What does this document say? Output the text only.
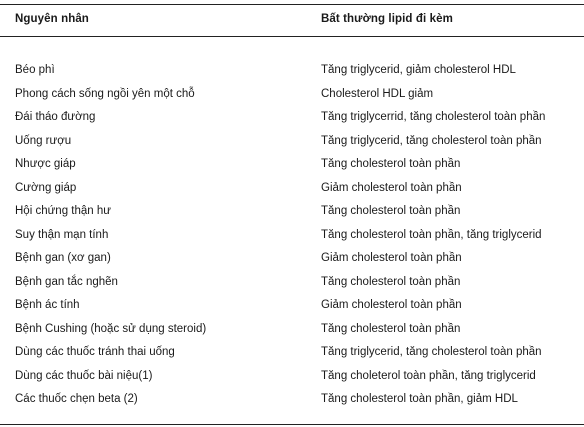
Nguyên nhân	Bất thường lipid đi kèm
Béo phì	Tăng triglycerid, giảm cholesterol HDL
Phong cách sống ngồi yên một chỗ	Cholesterol HDL giảm
Đái tháo đường	Tăng triglycerrid, tăng cholesterol toàn phần
Uống rượu	Tăng triglycerid, tăng cholesterol toàn phần
Nhược giáp	Tăng cholesterol toàn phần
Cường giáp	Giảm cholesterol toàn phần
Hội chứng thận hư	Tăng cholesterol toàn phần
Suy thận mạn tính	Tăng cholesterol toàn phần, tăng triglycerid
Bệnh gan (xơ gan)	Giảm cholesterol toàn phần
Bệnh gan tắc nghẽn	Tăng cholesterol toàn phần
Bệnh ác tính	Giảm cholesterol toàn phần
Bệnh Cushing (hoặc sử dụng steroid)	Tăng cholesterol toàn phần
Dùng các thuốc tránh thai uống	Tăng triglycerid, tăng cholesterol toàn phần
Dùng các thuốc bài niệu(1)	Tăng choleterol toàn phần, tăng triglycerid
Các thuốc chẹn beta (2)	Tăng cholesterol toàn phần, giảm HDL
